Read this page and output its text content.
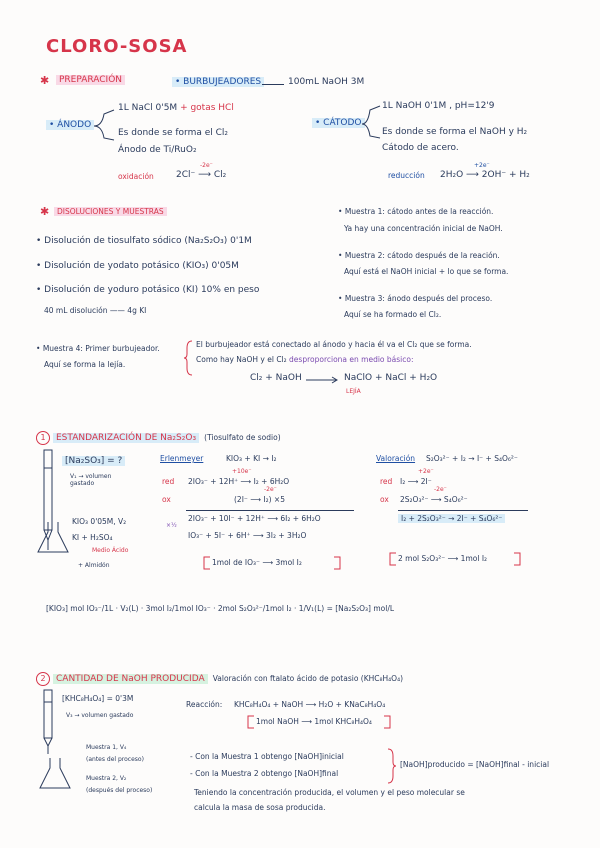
CLORO-SOSA
✱	PREPARACIÓN	• BURBUJEADORES	100mL NaOH 3M
• ÁNODO
1L NaCl 0'5M + gotas HCl
Es donde se forma el Cl₂
Ánodo de Ti/RuO₂
oxidación
-2e⁻
2Cl⁻ ⟶ Cl₂
• CÁTODO
1L NaOH 0'1M , pH=12'9
Es donde se forma el NaOH y H₂
Cátodo de acero.
reducción
+2e⁻
2H₂O ⟶ 2OH⁻ + H₂
✱	DISOLUCIONES Y MUESTRAS
• Disolución de tiosulfato sódico (Na₂S₂O₃) 0'1M
• Disolución de yodato potásico (KIO₃) 0'05M
• Disolución de yoduro potásico (KI) 10% en peso
40 mL disolución —— 4g KI
• Muestra 1: cátodo antes de la reacción.
Ya hay una concentración inicial de NaOH.
• Muestra 2: cátodo después de la reación.
Aquí está el NaOH inicial + lo que se forma.
• Muestra 3: ánodo después del proceso.
Aquí se ha formado el Cl₂.
• Muestra 4: Primer burbujeador.
Aquí se forma la lejía.
El burbujeador está conectado al ánodo y hacia él va el Cl₂ que se forma.
Como hay NaOH y el Cl₂ desproporciona en medio básico:
Cl₂ + NaOH → NaClO + NaCl + H₂O
LEJÍA
1 ESTANDARIZACIÓN DE Na₂S₂O₃ (Tiosulfato de sodio)
[Na₂SO₃] = ?
V₁ → volumen gastado
KIO₃ 0'05M, V₂
KI + H₂SO₄
Medio Ácido
+ Almidón
Erlenmeyer	KIO₃ + KI → I₂
red
+10e⁻
2IO₃⁻ + 12H⁺ ⟶ I₂ + 6H₂O
ox
-2e⁻
(2I⁻ ⟶ I₂) ×5
2IO₃⁻ + 10I⁻ + 12H⁺ ⟶ 6I₂ + 6H₂O
×½
IO₃⁻ + 5I⁻ + 6H⁺ ⟶ 3I₂ + 3H₂O
1mol de IO₃⁻ ⟶ 3mol I₂
Valoración S₂O₃²⁻ + I₂ → I⁻ + S₄O₆²⁻
red
+2e⁻
I₂ ⟶ 2I⁻
ox
-2e⁻
2S₂O₃²⁻ ⟶ S₄O₆²⁻
I₂ + 2S₂O₃²⁻ → 2I⁻ + S₄O₆²⁻
2 mol S₂O₃²⁻ ⟶ 1mol I₂
[KIO₃] mol IO₃⁻/1L · V₂(L) · 3mol I₂/1mol IO₃⁻ · 2mol S₂O₃²⁻/1mol I₂ · 1/V₁(L) = [Na₂S₂O₃] mol/L
2 CANTIDAD DE NaOH PRODUCIDA Valoración con ftalato ácido de potasio (KHC₈H₄O₄)
[KHC₈H₄O₄] = 0'3M
V₃ → volumen gastado
Muestra 1, V₄
(antes del proceso)
Muestra 2, V₂
(después del proceso)
Reacción: KHC₈H₄O₄ + NaOH ⟶ H₂O + KNaC₈H₄O₄
1mol NaOH ⟶ 1mol KHC₈H₄O₄
- Con la Muestra 1 obtengo [NaOH]inicial
- Con la Muestra 2 obtengo [NaOH]final
[NaOH]producido = [NaOH]final - inicial
Teniendo la concentración producida, el volumen y el peso molecular se
calcula la masa de sosa producida.
